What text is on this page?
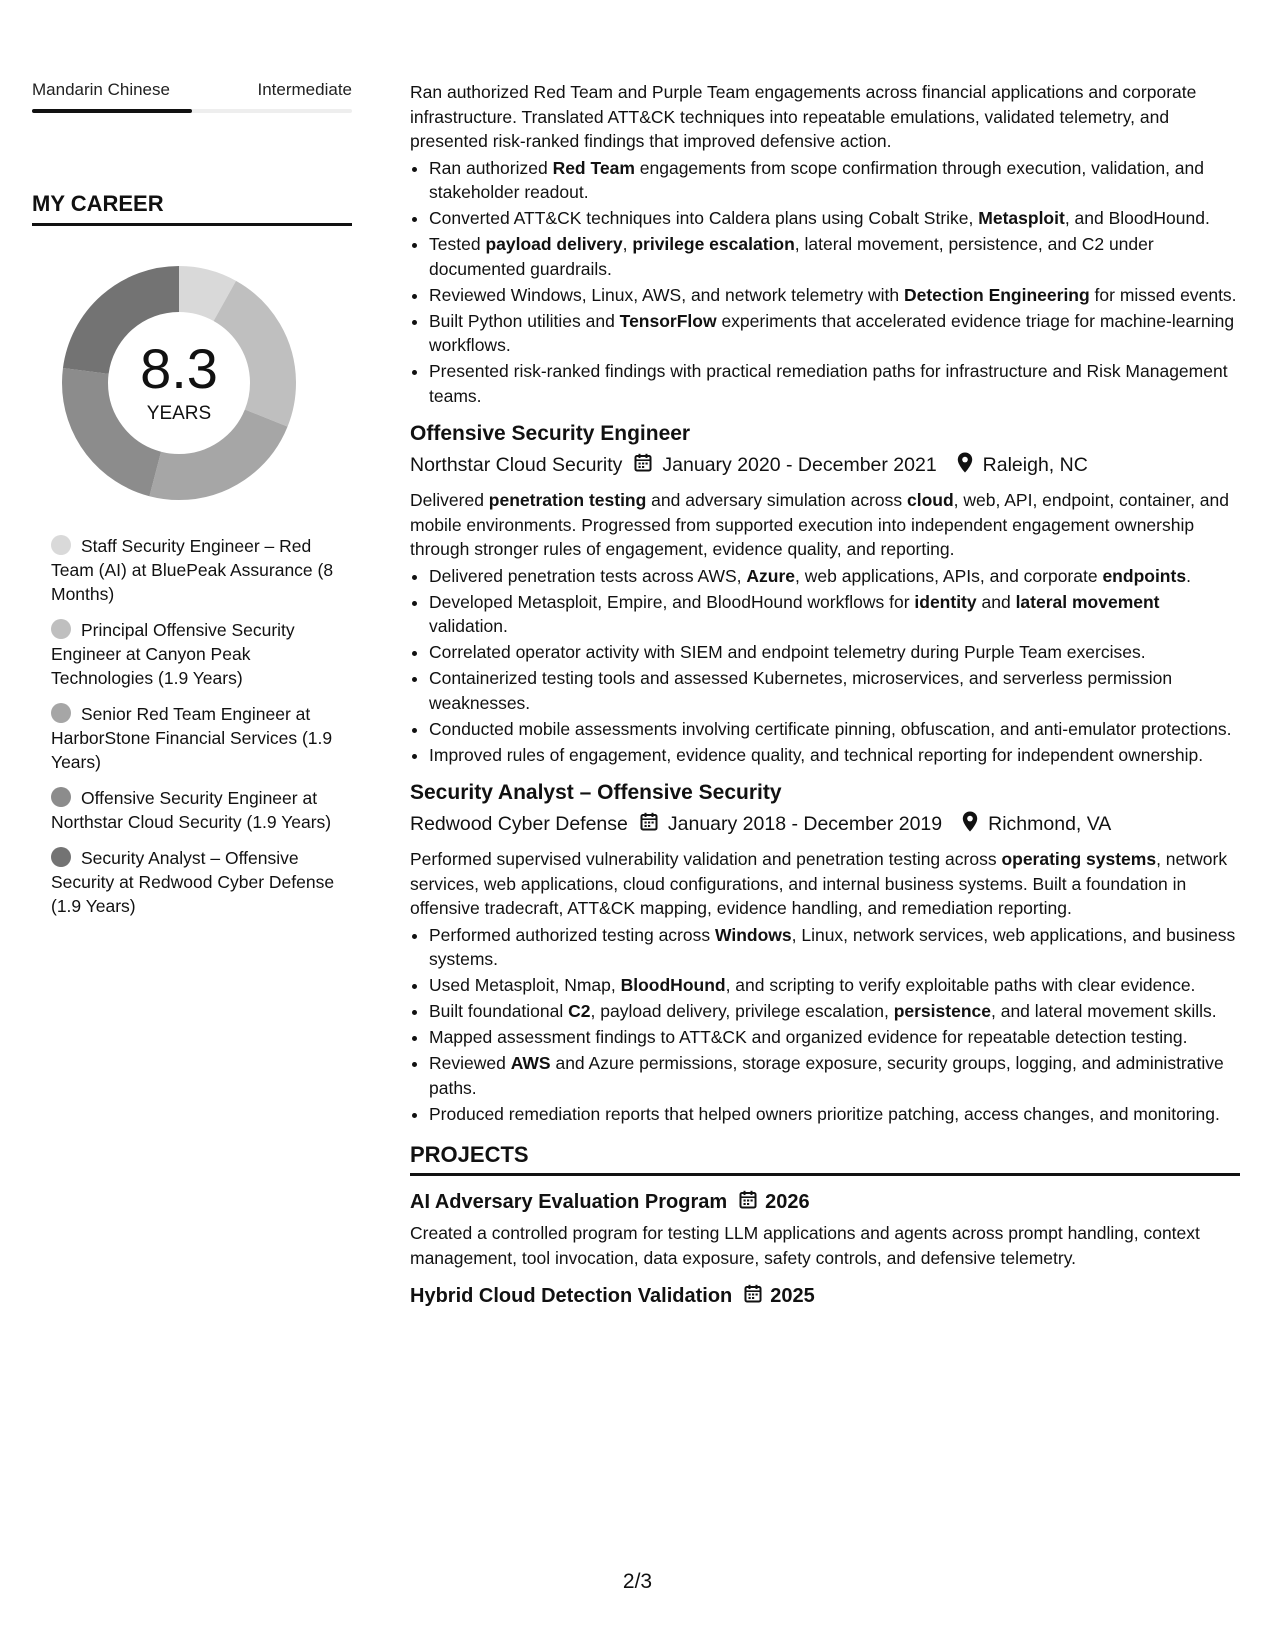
Mandarin Chinese	Intermediate
MY CAREER
8.3
YEARS
Staff Security Engineer – Red Team (AI) at BluePeak Assurance (8 Months)
Principal Offensive Security Engineer at Canyon Peak Technologies (1.9 Years)
Senior Red Team Engineer at HarborStone Financial Services (1.9 Years)
Offensive Security Engineer at Northstar Cloud Security (1.9 Years)
Security Analyst – Offensive Security at Redwood Cyber Defense (1.9 Years)

Ran authorized Red Team and Purple Team engagements across financial applications and corporate infrastructure. Translated ATT&CK techniques into repeatable emulations, validated telemetry, and presented risk-ranked findings that improved defensive action.

• Ran authorized Red Team engagements from scope confirmation through execution, validation, and stakeholder readout.
• Converted ATT&CK techniques into Caldera plans using Cobalt Strike, Metasploit, and BloodHound.
• Tested payload delivery, privilege escalation, lateral movement, persistence, and C2 under documented guardrails.
• Reviewed Windows, Linux, AWS, and network telemetry with Detection Engineering for missed events.
• Built Python utilities and TensorFlow experiments that accelerated evidence triage for machine-learning workflows.
• Presented risk-ranked findings with practical remediation paths for infrastructure and Risk Management teams.
Offensive Security Engineer
Northstar Cloud Security January 2020 - December 2021 Raleigh, NC

Delivered penetration testing and adversary simulation across cloud, web, API, endpoint, container, and mobile environments. Progressed from supported execution into independent engagement ownership through stronger rules of engagement, evidence quality, and reporting.

• Delivered penetration tests across AWS, Azure, web applications, APIs, and corporate endpoints.
• Developed Metasploit, Empire, and BloodHound workflows for identity and lateral movement validation.
• Correlated operator activity with SIEM and endpoint telemetry during Purple Team exercises.
• Containerized testing tools and assessed Kubernetes, microservices, and serverless permission weaknesses.
• Conducted mobile assessments involving certificate pinning, obfuscation, and anti-emulator protections.
• Improved rules of engagement, evidence quality, and technical reporting for independent ownership.
Security Analyst – Offensive Security
Redwood Cyber Defense January 2018 - December 2019 Richmond, VA

Performed supervised vulnerability validation and penetration testing across operating systems, network services, web applications, cloud configurations, and internal business systems. Built a foundation in offensive tradecraft, ATT&CK mapping, evidence handling, and remediation reporting.

• Performed authorized testing across Windows, Linux, network services, web applications, and business systems.
• Used Metasploit, Nmap, BloodHound, and scripting to verify exploitable paths with clear evidence.
• Built foundational C2, payload delivery, privilege escalation, persistence, and lateral movement skills.
• Mapped assessment findings to ATT&CK and organized evidence for repeatable detection testing.
• Reviewed AWS and Azure permissions, storage exposure, security groups, logging, and administrative paths.
• Produced remediation reports that helped owners prioritize patching, access changes, and monitoring.
PROJECTS
AI Adversary Evaluation Program 2026

Created a controlled program for testing LLM applications and agents across prompt handling, context management, tool invocation, data exposure, safety controls, and defensive telemetry.

Hybrid Cloud Detection Validation 2025
2/3
